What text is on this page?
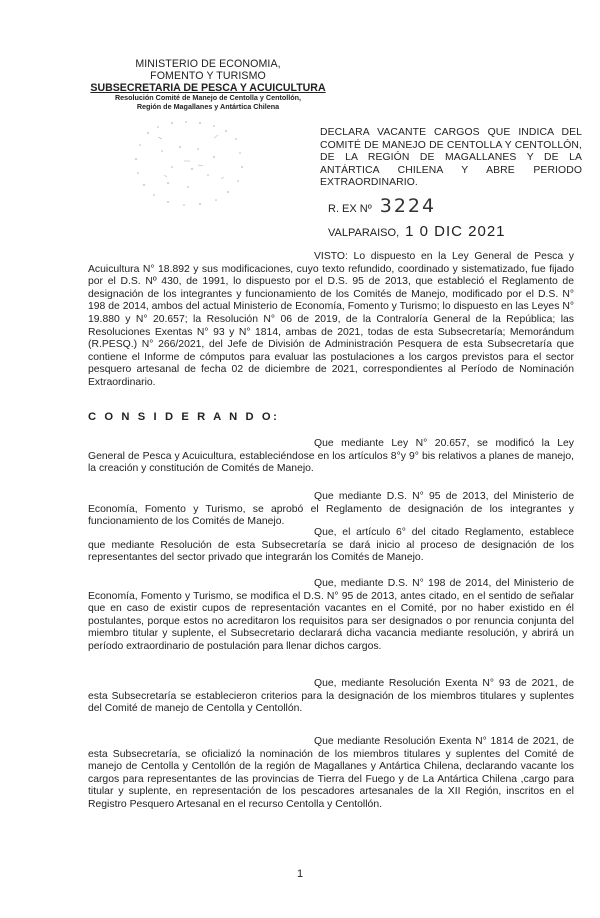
MINISTERIO DE ECONOMIA,
FOMENTO Y TURISMO
SUBSECRETARIA DE PESCA Y ACUICULTURA
Resolución Comité de Manejo de Centolla y Centollón,
Región de Magallanes y Antártica Chilena
DECLARA VACANTE CARGOS QUE INDICA DEL COMITÉ DE MANEJO DE CENTOLLA Y CENTOLLÓN, DE LA REGIÓN DE MAGALLANES Y DE LA ANTÁRTICA CHILENA Y ABRE PERIODO EXTRAORDINARIO.
R. EX Nº 3224
VALPARAISO, 1 0 DIC 2021
VISTO: Lo dispuesto en la Ley General de Pesca y Acuicultura N° 18.892 y sus modificaciones, cuyo texto refundido, coordinado y sistematizado, fue fijado por el D.S. Nº 430, de 1991, lo dispuesto por el D.S. 95 de 2013, que estableció el Reglamento de designación de los integrantes y funcionamiento de los Comités de Manejo, modificado por el D.S. N° 198 de 2014, ambos del actual Ministerio de Economía, Fomento y Turismo; lo dispuesto en las Leyes N° 19.880 y N° 20.657; la Resolución N° 06 de 2019, de la Contraloría General de la República; las Resoluciones Exentas N° 93 y N° 1814, ambas de 2021, todas de esta Subsecretaría; Memorándum (R.PESQ.) N° 266/2021, del Jefe de División de Administración Pesquera de esta Subsecretaría que contiene el Informe de cómputos para evaluar las postulaciones a los cargos previstos para el sector pesquero artesanal de fecha 02 de diciembre de 2021, correspondientes al Período de Nominación Extraordinario.
C O N S I D E R A N D O:
Que mediante Ley N° 20.657, se modificó la Ley General de Pesca y Acuicultura, estableciéndose en los artículos 8°y 9° bis relativos a planes de manejo, la creación y constitución de Comités de Manejo.
Que mediante D.S. N° 95 de 2013, del Ministerio de Economía, Fomento y Turismo, se aprobó el Reglamento de designación de los integrantes y funcionamiento de los Comités de Manejo.
Que, el artículo 6° del citado Reglamento, establece que mediante Resolución de esta Subsecretaría se dará inicio al proceso de designación de los representantes del sector privado que integrarán los Comités de Manejo.
Que, mediante D.S. N° 198 de 2014, del Ministerio de Economía, Fomento y Turismo, se modifica el D.S. N° 95 de 2013, antes citado, en el sentido de señalar que en caso de existir cupos de representación vacantes en el Comité, por no haber existido en él postulantes, porque estos no acreditaron los requisitos para ser designados o por renuncia conjunta del miembro titular y suplente, el Subsecretario declarará dicha vacancia mediante resolución, y abrirá un período extraordinario de postulación para llenar dichos cargos.
Que, mediante Resolución Exenta N° 93 de 2021, de esta Subsecretaría se establecieron criterios para la designación de los miembros titulares y suplentes del Comité de manejo de Centolla y Centollón.
Que mediante Resolución Exenta N° 1814 de 2021, de esta Subsecretaría, se oficializó la nominación de los miembros titulares y suplentes del Comité de manejo de Centolla y Centollón de la región de Magallanes y Antártica Chilena, declarando vacante los cargos para representantes de las provincias de Tierra del Fuego y de La Antártica Chilena ,cargo para titular y suplente, en representación de los pescadores artesanales de la XII Región, inscritos en el Registro Pesquero Artesanal en el recurso Centolla y Centollón.
1
